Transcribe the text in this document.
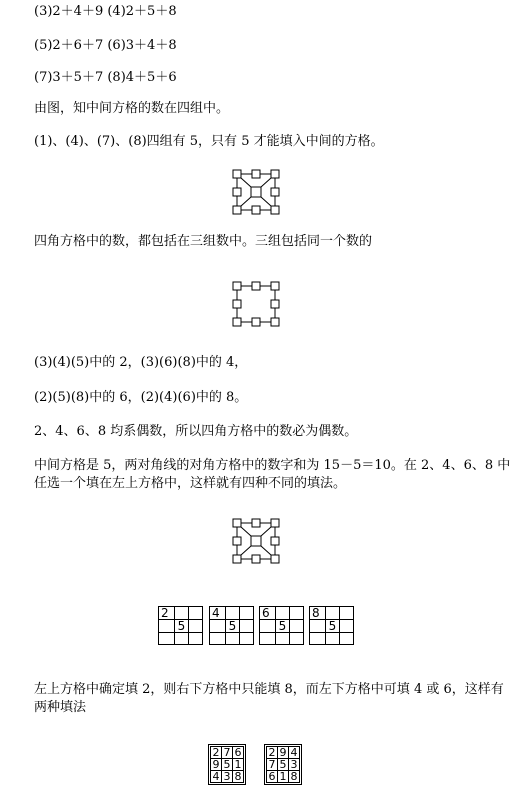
(3)2＋4＋9 (4)2＋5＋8
(5)2＋6＋7 (6)3＋4＋8
(7)3＋5＋7 (8)4＋5＋6
由图，知中间方格的数在四组中。
(1)、(4)、(7)、(8)四组有 5，只有 5 才能填入中间的方格。
四角方格中的数，都包括在三组数中。三组包括同一个数的
(3)(4)(5)中的 2，(3)(6)(8)中的 4，
(2)(5)(8)中的 6，(2)(4)(6)中的 8。
2、4、6、8 均系偶数，所以四角方格中的数必为偶数。
中间方格是 5，两对角线的对角方格中的数字和为 15－5＝10。在 2、4、6、8 中任选一个填在左上方格中，这样就有四种不同的填法。
2		
	5	

4		
	5	

6		
	5	

8		
	5	

左上方格中确定填 2，则右下方格中只能填 8，而左下方格中可填 4 或 6，这样有两种填法
2	7	6
9	5	1
4	3	8
2	9	4
7	5	3
6	1	8
